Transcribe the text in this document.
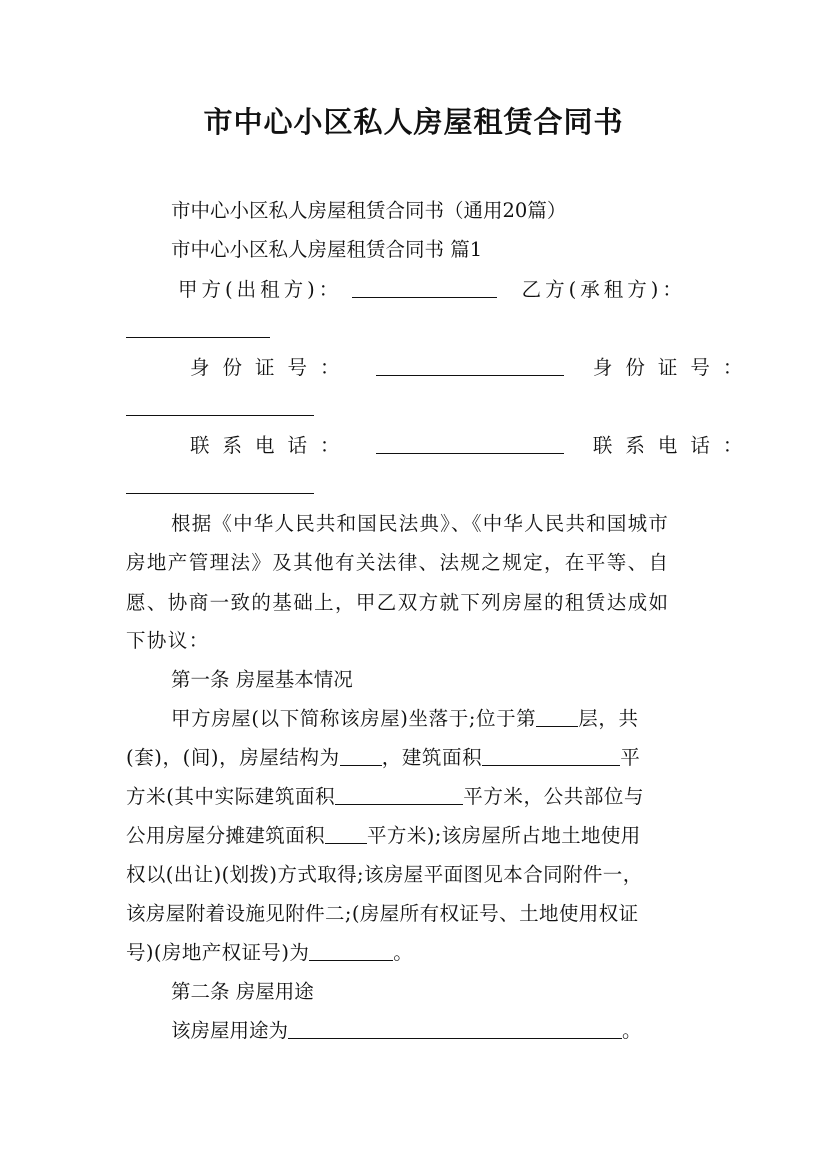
市中心小区私人房屋租赁合同书
市中心小区私人房屋租赁合同书（通用20篇）
市中心小区私人房屋租赁合同书 篇1
甲方(出租方)：	乙方(承租方)：
身份证号：	身份证号：
联系电话：	联系电话：
根据《中华人民共和国民法典》、《中华人民共和国城市
房地产管理法》及其他有关法律、法规之规定，在平等、自
愿、协商一致的基础上，甲乙双方就下列房屋的租赁达成如
下协议：
第一条 房屋基本情况
甲方房屋(以下简称该房屋)坐落于;位于第 层，共
(套)，(间)，房屋结构为 ，建筑面积	平
方米(其中实际建筑面积	平方米，公共部位与
公用房屋分摊建筑面积 平方米);该房屋所占地土地使用
权以(出让)(划拨)方式取得;该房屋平面图见本合同附件一，
该房屋附着设施见附件二;(房屋所有权证号、土地使用权证
号)(房地产权证号)为	。
第二条 房屋用途
该房屋用途为	。
